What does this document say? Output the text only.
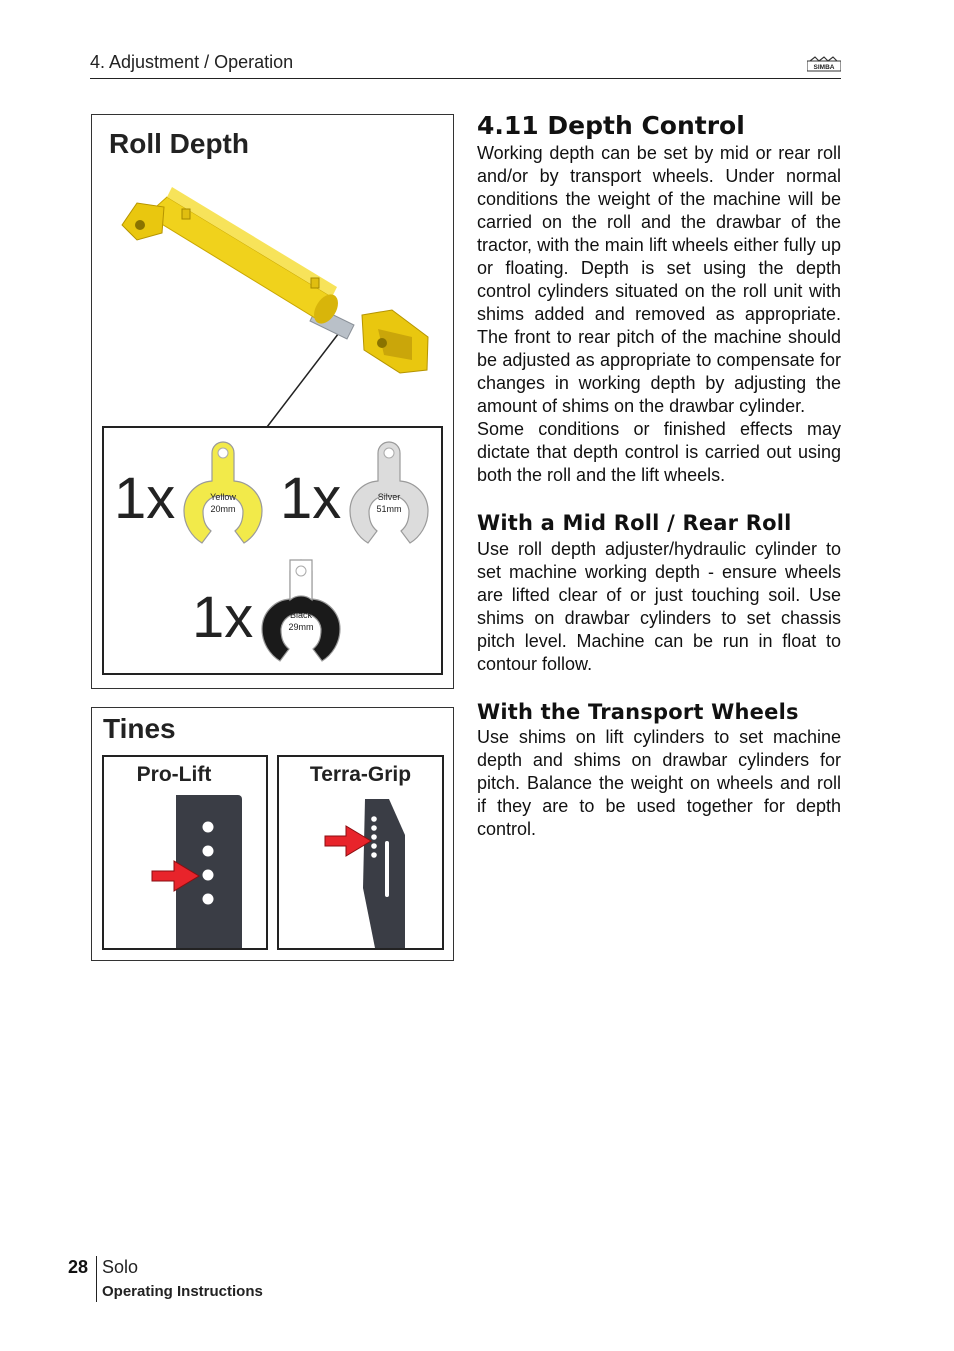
4. Adjustment / Operation	SIMBA
Roll Depth
1x	Yellow
20mm 1x	Silver
51mm
1x	Black
29mm
Tines
Pro-Lift	Terra-Grip
4.11 Depth Control

Working depth can be set by mid or rear roll and/or by transport wheels. Under normal conditions the weight of the machine will be carried on the roll and the drawbar of the tractor, with the main lift wheels either fully up or floating. Depth is set using the depth control cylinders situated on the roll unit with shims added and removed as appropriate. The front to rear pitch of the machine should be adjusted as appropriate to compensate for changes in working depth by adjusting the amount of shims on the drawbar cylinder.

Some conditions or finished effects may dictate that depth control is carried out using both the roll and the lift wheels.

With a Mid Roll / Rear Roll

Use roll depth adjuster/hydraulic cylinder to set machine working depth - ensure wheels are lifted clear of or just touching soil. Use shims on drawbar cylinders to set chassis pitch level. Machine can be run in float to contour follow.

With the Transport Wheels

Use shims on lift cylinders to set machine depth and shims on drawbar cylinders for pitch. Balance the weight on wheels and roll if they are to be used together for depth control.

28 Solo
Operating Instructions
